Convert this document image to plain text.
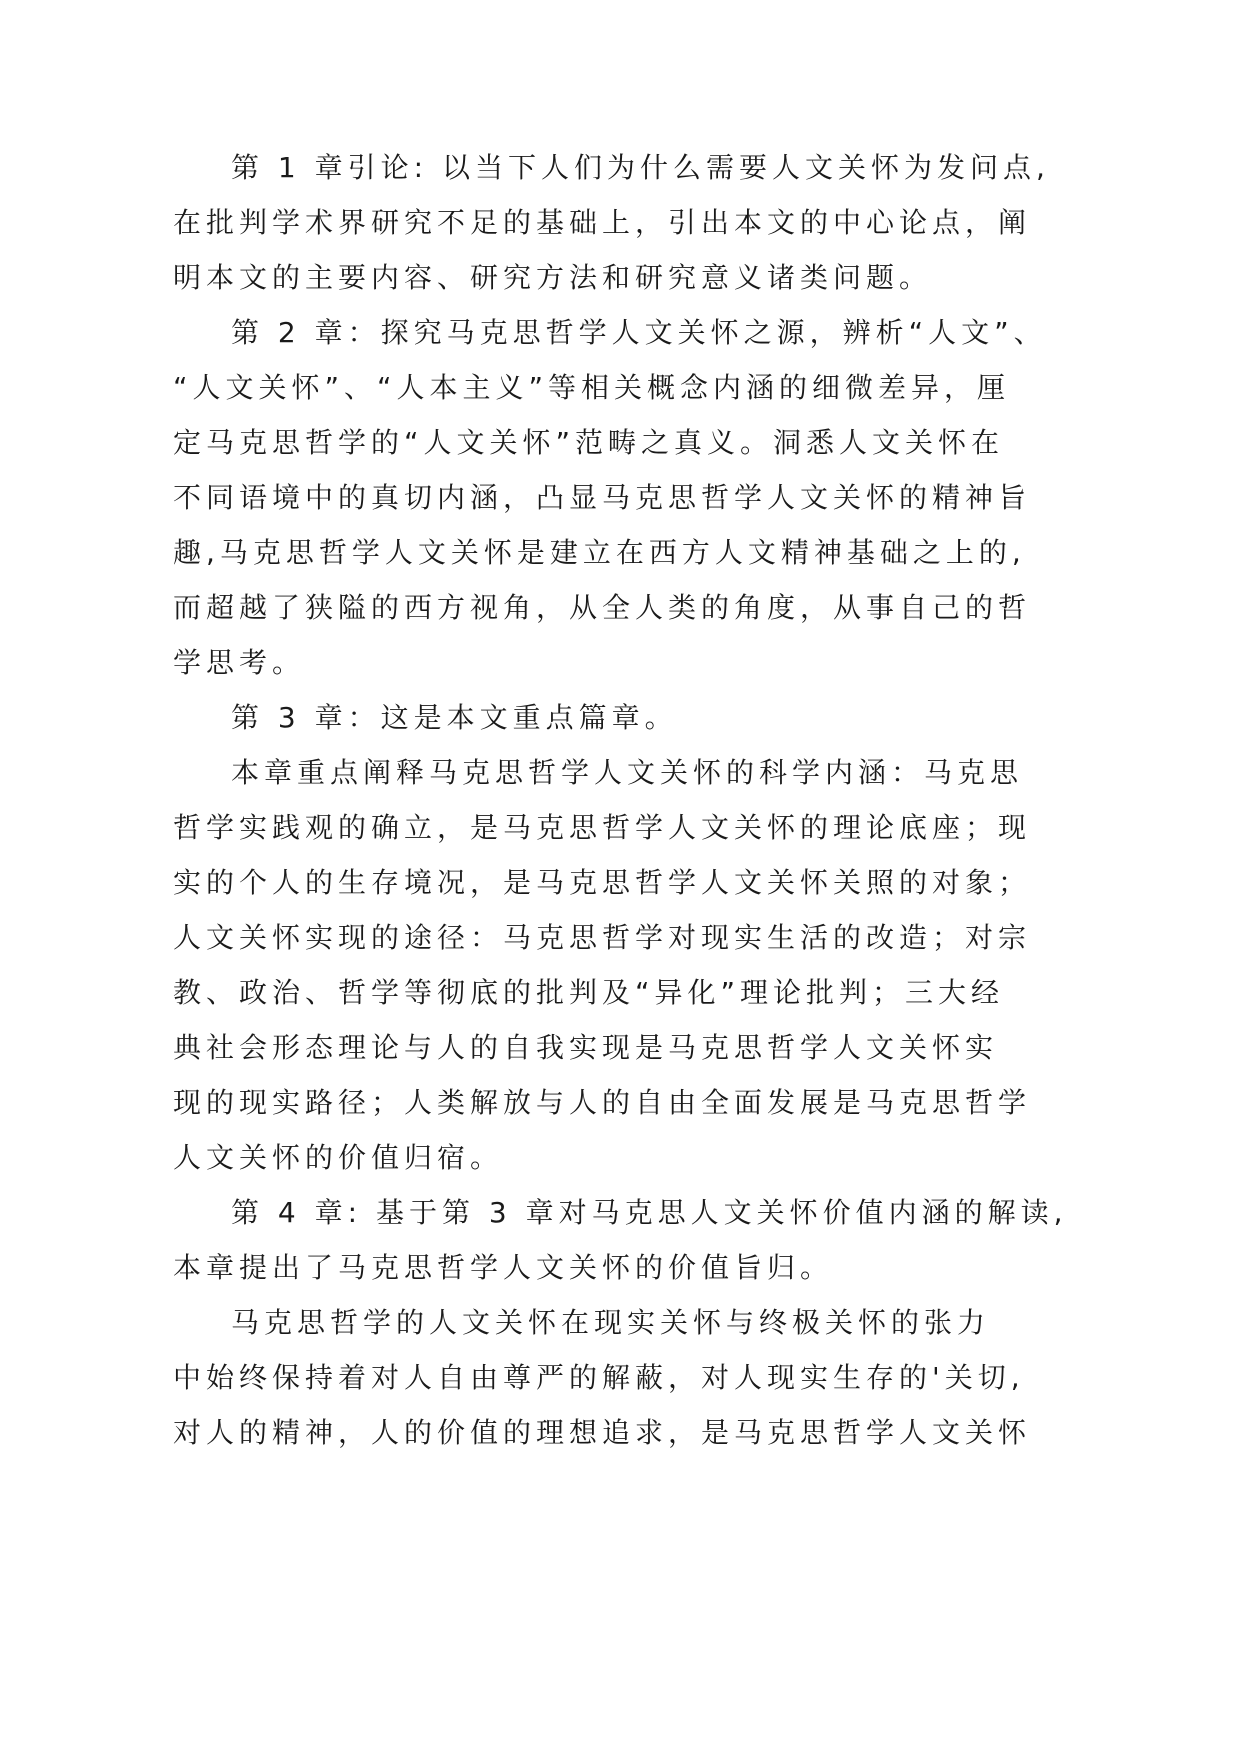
第 1 章引论: 以当下人们为什么需要人文关怀为发问点,
在批判学术界研究不足的基础上，引出本文的中心论点，阐
明本文的主要内容、研究方法和研究意义诸类问题。
第 2 章：探究马克思哲学人文关怀之源，辨析“人文”、
“人文关怀”、“人本主义”等相关概念内涵的细微差异，厘
定马克思哲学的“人文关怀”范畴之真义。洞悉人文关怀在
不同语境中的真切内涵，凸显马克思哲学人文关怀的精神旨
趣,马克思哲学人文关怀是建立在西方人文精神基础之上的,
而超越了狭隘的西方视角，从全人类的角度，从事自己的哲
学思考。
第 3 章：这是本文重点篇章。
本章重点阐释马克思哲学人文关怀的科学内涵：马克思
哲学实践观的确立，是马克思哲学人文关怀的理论底座；现
实的个人的生存境况，是马克思哲学人文关怀关照的对象；
人文关怀实现的途径：马克思哲学对现实生活的改造；对宗
教、政治、哲学等彻底的批判及“异化”理论批判；三大经
典社会形态理论与人的自我实现是马克思哲学人文关怀实
现的现实路径；人类解放与人的自由全面发展是马克思哲学
人文关怀的价值归宿。
第 4 章: 基于第 3 章对马克思人文关怀价值内涵的解读,
本章提出了马克思哲学人文关怀的价值旨归。
马克思哲学的人文关怀在现实关怀与终极关怀的张力
中始终保持着对人自由尊严的解蔽，对人现实生存的'关切,
对人的精神，人的价值的理想追求，是马克思哲学人文关怀
